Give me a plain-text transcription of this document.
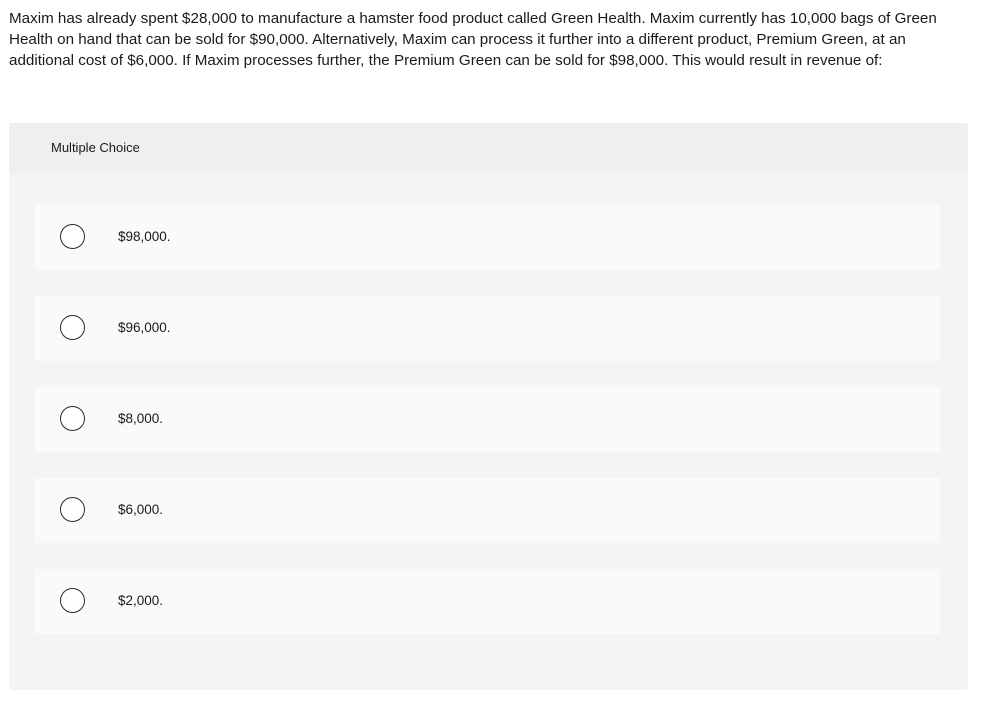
Maxim has already spent $28,000 to manufacture a hamster food product called Green Health. Maxim currently has 10,000 bags of Green Health on hand that can be sold for $90,000. Alternatively, Maxim can process it further into a different product, Premium Green, at an additional cost of $6,000. If Maxim processes further, the Premium Green can be sold for $98,000. This would result in revenue of:

Multiple Choice
$98,000.
$96,000.
$8,000.
$6,000.
$2,000.
